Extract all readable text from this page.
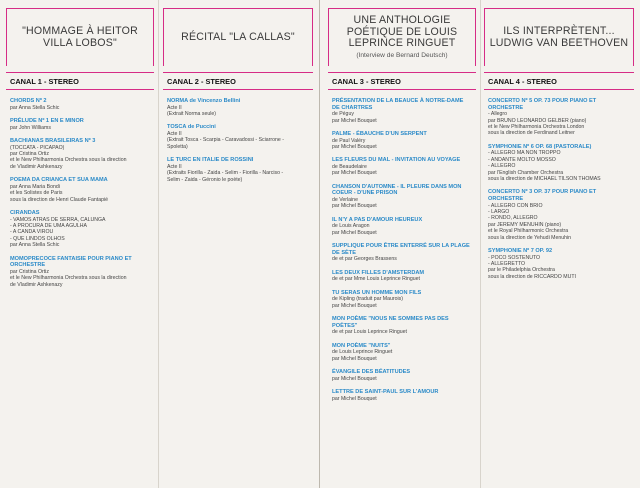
"HOMMAGE À HEITOR VILLA LOBOS"
CANAL 1 - STEREO
CHORDS Nº 2
par Anna Stella Schic
PRÉLUDE Nº 1 EN E MINOR
par John Williams
BACHIANAS BRASILEIRAS Nº 3
(TOCCATA - PICAPAO)
par Cristina Ortiz
et le New Philharmonia Orchestra sous la direction
de Vladimir Ashkenazy
POEMA DA CRIANCA ET SUA MAMA
par Anna Maria Bondi
et les Solistes de Paris
sous la direction de Henri Claude Fantapié
CIRANDAS
- VAMOS ATRAS DE SERRA, CALUNGA
- A PROCURA DE UMA AGULHA
- A CANDA VIROU
- QUE LINDOS OLHOS
par Anna Stella Schic
MOMOPRECOCE FANTAISIE POUR PIANO ET ORCHESTRE
par Cristina Ortiz
et le New Philharmonia Orchestra sous la direction
de Vladimir Ashkenazy
RÉCITAL "LA CALLAS"
CANAL 2 - STEREO
NORMA de Vincenzo Bellini
Acte II
(Extrait Norma seule)
TOSCA de Puccini
Acte II
(Extrait Tosca - Scarpia - Caravadossi - Sciarrone -
Spoletta)
LE TURC EN ITALIE DE ROSSINI
Acte II
(Extraits Fiorilla - Zaida - Selim - Fiorilla - Narciso -
Selim - Zaida - Géronio le poète)
UNE ANTHOLOGIE POÉTIQUE DE LOUIS LEPRINCE RINGUET
(Interview de Bernard Deutsch)
CANAL 3 - STEREO
PRÉSENTATION DE LA BEAUCE À NOTRE-DAME DE CHARTRES
de Péguy
par Michel Bouquet
PALME - ÉBAUCHE D'UN SERPENT
de Paul Valéry
par Michel Bouquet
LES FLEURS DU MAL - INVITATION AU VOYAGE
de Beaudelaire
par Michel Bouquet
CHANSON D'AUTOMNE - IL PLEURE DANS MON COEUR - D'UNE PRISON
de Verlaine
par Michel Bouquet
IL N'Y A PAS D'AMOUR HEUREUX
de Louis Aragon
par Michel Bouquet
SUPPLIQUE POUR ÊTRE ENTERRÉ SUR LA PLAGE DE SÈTE
de et par Georges Brassens
LES DEUX FILLES D'AMSTERDAM
de et par Mme Louis Leprince Ringuet
TU SERAS UN HOMME MON FILS
de Kipling (traduit par Maurois)
par Michel Bouquet
MON POÈME "NOUS NE SOMMES PAS DES POÈTES"
de et par Louis Leprince Ringuet
MON POÈME "NUITS"
de Louis Leprince Ringuet
par Michel Bouquet
ÉVANGILE DES BÉATITUDES
par Michel Bouquet
LETTRE DE SAINT-PAUL SUR L'AMOUR
par Michel Bouquet
ILS INTERPRÈTENT... LUDWIG VAN BEETHOVEN
CANAL 4 - STEREO
CONCERTO Nº 5 OP. 73 POUR PIANO ET ORCHESTRE
- Allegro
par BRUNO LEONARDO GELBER (piano)
et le New Philharmonia Orchestra London
sous la direction de Ferdinand Leitner
SYMPHONIE Nº 6 OP. 68 (PASTORALE)
- ALLEGRO MA NON TROPPO
- ANDANTE MOLTO MOSSO
- ALLEGRO
par l'English Chamber Orchestra
sous la direction de MICHAEL TILSON THOMAS
CONCERTO Nº 3 OP. 37 POUR PIANO ET ORCHESTRE
- ALLEGRO CON BRIO
- LARGO
- RONDO, ALLEGRO
par JEREMY MENUHIN (piano)
et le Royal Philharmonic Orchestra
sous la direction de Yehudi Menuhin
SYMPHONIE Nº 7 OP. 92
- POCO SOSTENUTO
- ALLEGRETTO
par le Philadelphia Orchestra
sous la direction de RICCARDO MUTI
